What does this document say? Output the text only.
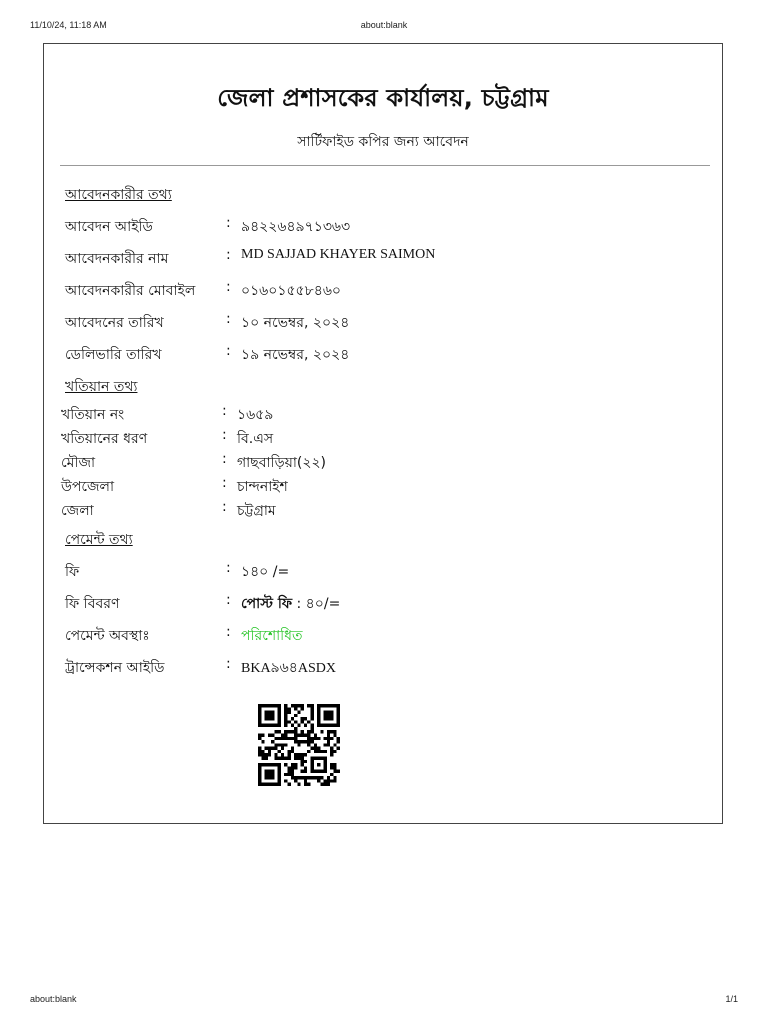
11/10/24, 11:18 AM	about:blank
জেলা প্রশাসকের কার্যালয়, চট্টগ্রাম
সার্টিফাইড কপির জন্য আবেদন
আবেদনকারীর তথ্য
আবেদন আইডি	: ৯৪২২৬৪৯৭১৩৬৩
আবেদনকারীর নাম	: MD SAJJAD KHAYER SAIMON
আবেদনকারীর মোবাইল : ০১৬০১৫৫৮৪৬০
আবেদনের তারিখ	: ১০ নভেম্বর, ২০২৪
ডেলিভারি তারিখ	: ১৯ নভেম্বর, ২০২৪
খতিয়ান তথ্য
খতিয়ান নং	: ১৬৫৯
খতিয়ানের ধরণ	: বি.এস
মৌজা	: গাছবাড়িয়া(২২)
উপজেলা	: চান্দনাইশ
জেলা	: চট্টগ্রাম
পেমেন্ট তথ্য
ফি	: ১৪০ /=
ফি বিবরণ	: পোস্ট ফি : ৪০/=
পেমেন্ট অবস্থাঃ	: পরিশোধিত
ট্রান্সেকশন আইডি	: BKA৯৬৪ASDX
about:blank	1/1
